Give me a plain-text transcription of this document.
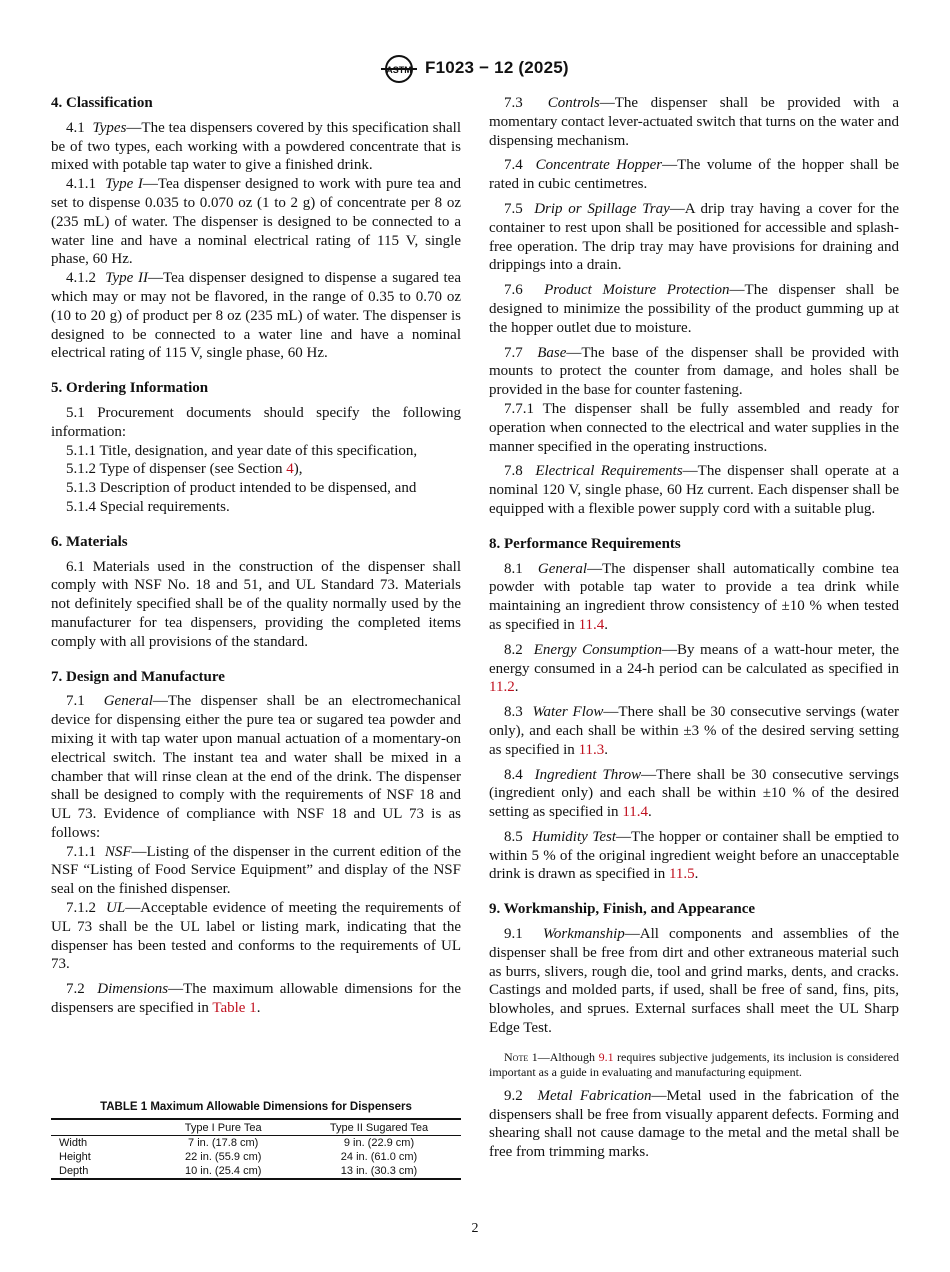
ASTM F1023 − 12 (2025)
4. Classification

4.1 Types—The tea dispensers covered by this specification shall be of two types, each working with a powdered concentrate that is mixed with potable tap water to give a finished drink.

4.1.1 Type I—Tea dispenser designed to work with pure tea and set to dispense 0.035 to 0.070 oz (1 to 2 g) of concentrate per 8 oz (235 mL) of water. The dispenser is designed to be connected to a water line and have a nominal electrical rating of 115 V, single phase, 60 Hz.

4.1.2 Type II—Tea dispenser designed to dispense a sugared tea which may or may not be flavored, in the range of 0.35 to 0.70 oz (10 to 20 g) of product per 8 oz (235 mL) of water. The dispenser is designed to be connected to a water line and have a nominal electrical rating of 115 V, single phase, 60 Hz.

5. Ordering Information

5.1 Procurement documents should specify the following information:

5.1.1 Title, designation, and year date of this specification,

5.1.2 Type of dispenser (see Section 4),

5.1.3 Description of product intended to be dispensed, and

5.1.4 Special requirements.

6. Materials

6.1 Materials used in the construction of the dispenser shall comply with NSF No. 18 and 51, and UL Standard 73. Materials not definitely specified shall be of the quality normally used by the manufacturer for tea dispensers, providing the completed items comply with all provisions of the standard.

7. Design and Manufacture

7.1 General—The dispenser shall be an electromechanical device for dispensing either the pure tea or sugared tea powder and mixing it with tap water upon manual actuation of a momentary-on electrical switch. The instant tea and water shall be mixed in a chamber that will rinse clean at the end of the drink. The dispenser shall be designed to comply with the requirements of NSF 18 and UL 73. Evidence of compliance with NSF 18 and UL 73 is as follows:

7.1.1 NSF—Listing of the dispenser in the current edition of the NSF “Listing of Food Service Equipment” and display of the NSF seal on the finished dispenser.

7.1.2 UL—Acceptable evidence of meeting the requirements of UL 73 shall be the UL label or listing mark, indicating that the dispenser has been tested and conforms to the requirements of UL 73.

7.2 Dimensions—The maximum allowable dimensions for the dispensers are specified in Table 1.

TABLE 1 Maximum Allowable Dimensions for Dispensers
	Type I Pure Tea	Type II Sugared Tea
Width	7 in. (17.8 cm)	9 in. (22.9 cm)
Height	22 in. (55.9 cm)	24 in. (61.0 cm)
Depth	10 in. (25.4 cm)	13 in. (30.3 cm)

7.3 Controls—The dispenser shall be provided with a momentary contact lever-actuated switch that turns on the water and dispensing mechanism.

7.4 Concentrate Hopper—The volume of the hopper shall be rated in cubic centimetres.

7.5 Drip or Spillage Tray—A drip tray having a cover for the container to rest upon shall be positioned for accessible and splash-free operation. The drip tray may have provisions for draining and drippings into a drain.

7.6 Product Moisture Protection—The dispenser shall be designed to minimize the possibility of the product gumming up at the hopper outlet due to moisture.

7.7 Base—The base of the dispenser shall be provided with mounts to protect the counter from damage, and holes shall be provided in the base for counter fastening.

7.7.1 The dispenser shall be fully assembled and ready for operation when connected to the electrical and water supplies in the manner specified in the operating instructions.

7.8 Electrical Requirements—The dispenser shall operate at a nominal 120 V, single phase, 60 Hz current. Each dispenser shall be equipped with a flexible power supply cord with a suitable plug.

8. Performance Requirements

8.1 General—The dispenser shall automatically combine tea powder with potable tap water to provide a tea drink while maintaining an ingredient throw consistency of ±10 % when tested as specified in 11.4.

8.2 Energy Consumption—By means of a watt-hour meter, the energy consumed in a 24-h period can be calculated as specified in 11.2.

8.3 Water Flow—There shall be 30 consecutive servings (water only), and each shall be within ±3 % of the desired serving setting as specified in 11.3.

8.4 Ingredient Throw—There shall be 30 consecutive servings (ingredient only) and each shall be within ±10 % of the desired setting as specified in 11.4.

8.5 Humidity Test—The hopper or container shall be emptied to within 5 % of the original ingredient weight before an unacceptable drink is drawn as specified in 11.5.

9. Workmanship, Finish, and Appearance

9.1 Workmanship—All components and assemblies of the dispenser shall be free from dirt and other extraneous material such as burrs, slivers, rough die, tool and grind marks, dents, and cracks. Castings and molded parts, if used, shall be free of sand, fins, pits, blowholes, and sprues. External surfaces shall meet the UL Sharp Edge Test.

Note 1—Although 9.1 requires subjective judgements, its inclusion is considered important as a guide in evaluating and manufacturing equipment.

9.2 Metal Fabrication—Metal used in the fabrication of the dispensers shall be free from visually apparent defects. Forming and shearing shall not cause damage to the metal and the metal shall be free from trimming marks.

2
